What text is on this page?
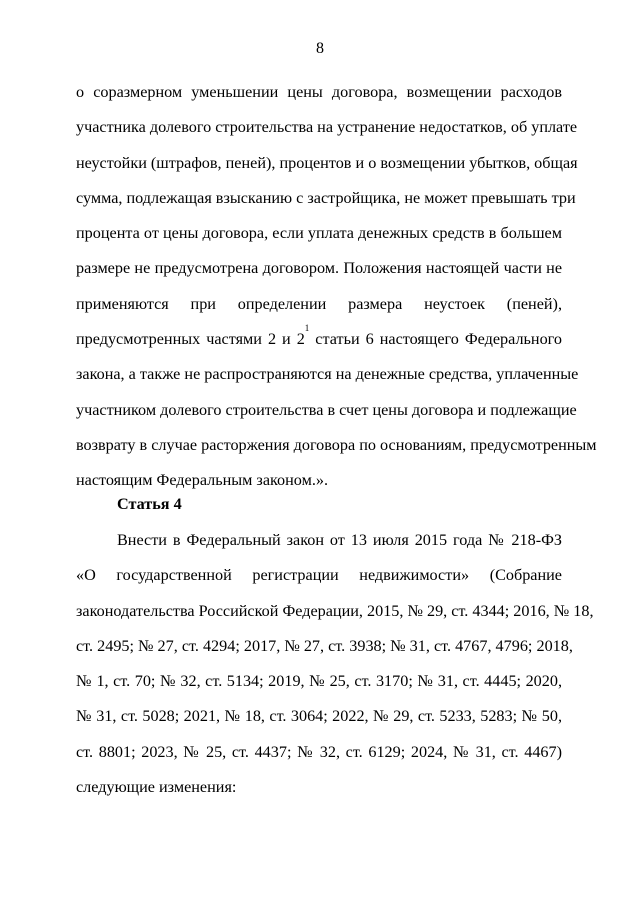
8
о соразмерном уменьшении цены договора, возмещении расходов
участника долевого строительства на устранение недостатков, об уплате
неустойки (штрафов, пеней), процентов и о возмещении убытков, общая
сумма, подлежащая взысканию с застройщика, не может превышать три
процента от цены договора, если уплата денежных средств в большем
размере не предусмотрена договором. Положения настоящей части не
применяются при определении размера неустоек (пеней),
предусмотренных частями 2 и $2^1$ статьи 6 настоящего Федерального
закона, а также не распространяются на денежные средства, уплаченные
участником долевого строительства в счет цены договора и подлежащие
возврату в случае расторжения договора по основаниям, предусмотренным
настоящим Федеральным законом.».
Статья 4
Внести в Федеральный закон от 13 июля 2015 года № 218-ФЗ
«О государственной регистрации недвижимости» (Собрание
законодательства Российской Федерации, 2015, № 29, ст. 4344; 2016, № 18,
ст. 2495; № 27, ст. 4294; 2017, № 27, ст. 3938; № 31, ст. 4767, 4796; 2018,
№ 1, ст. 70; № 32, ст. 5134; 2019, № 25, ст. 3170; № 31, ст. 4445; 2020,
№ 31, ст. 5028; 2021, № 18, ст. 3064; 2022, № 29, ст. 5233, 5283; № 50,
ст. 8801; 2023, № 25, ст. 4437; № 32, ст. 6129; 2024, № 31, ст. 4467)
следующие изменения:
